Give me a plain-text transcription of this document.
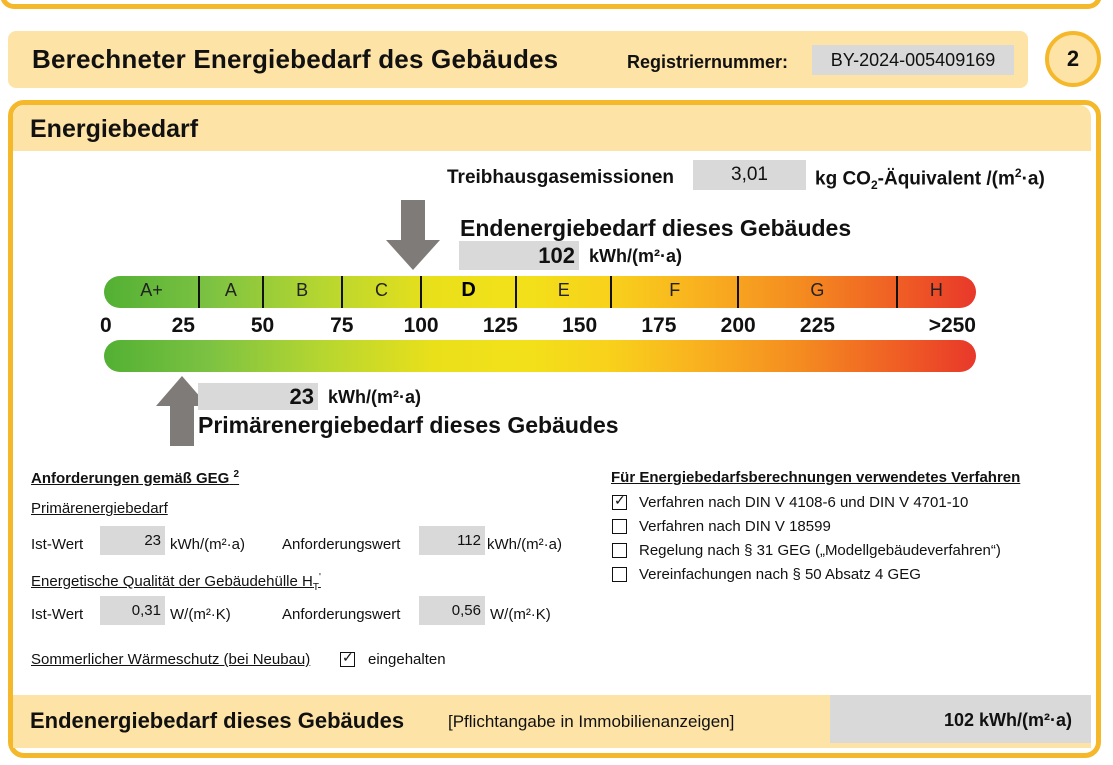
Berechneter Energiebedarf des Gebäudes	Registriernummer:	BY-2024-005409169	2
Energiebedarf
Treibhausgasemissionen	3,01	kg $CO_2$-Äquivalent $/(m^2\cdot a)$
Endenergiebedarf dieses Gebäudes
102 kWh/(m²·a)
A+	A	B	C	D	E	F	G	H
23 kWh/(m²·a)
Primärenergiebedarf dieses Gebäudes
Anforderungen gemäß GEG $^2$
Primärenergiebedarf
Ist-Wert	23 kWh/(m²·a) Anforderungswert	112 kWh/(m²·a)
Energetische Qualität der Gebäudehülle $H_T'$
Ist-Wert	0,31 W/(m²·K)	Anforderungswert	0,56 W/(m²·K)
Sommerlicher Wärmeschutz (bei Neubau) ✓ eingehalten
Für Energiebedarfsberechnungen verwendetes Verfahren
Endenergiebedarf dieses Gebäudes	[Pflichtangabe in Immobilienanzeigen]	102 kWh/(m²·a)
0	25	50	75 100 125 150 175 200 225	>250
✓ Verfahren nach DIN V 4108-6 und DIN V 4701-10
Verfahren nach DIN V 18599
Regelung nach § 31 GEG („Modellgebäudeverfahren“)
Vereinfachungen nach § 50 Absatz 4 GEG
